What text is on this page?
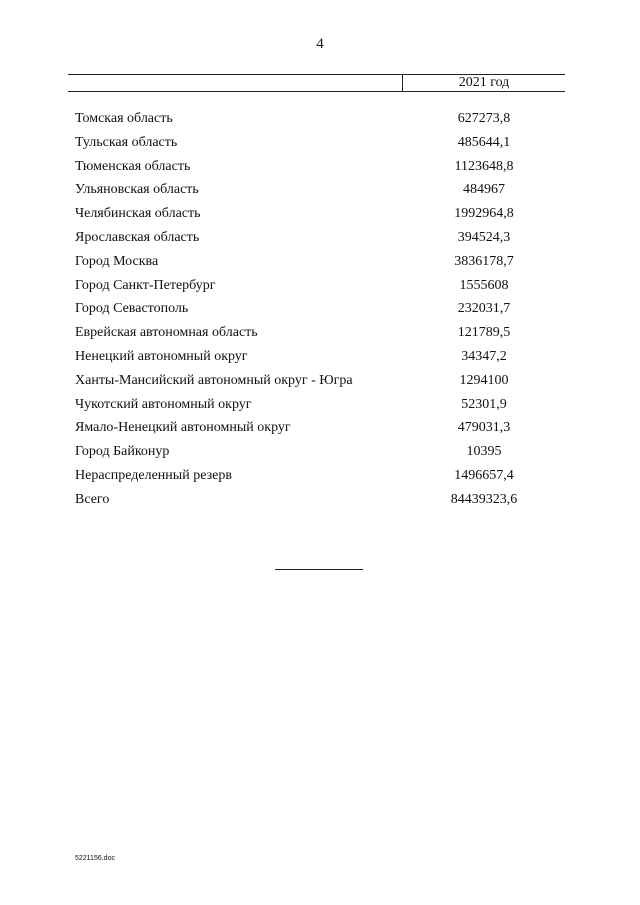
4
2021 год
Томская область	627273,8
Тульская область	485644,1
Тюменская область	1123648,8
Ульяновская область	484967
Челябинская область	1992964,8
Ярославская область	394524,3
Город Москва	3836178,7
Город Санкт-Петербург	1555608
Город Севастополь	232031,7
Еврейская автономная область	121789,5
Ненецкий автономный округ	34347,2
Ханты-Мансийский автономный округ - Югра	1294100
Чукотский автономный округ	52301,9
Ямало-Ненецкий автономный округ	479031,3
Город Байконур	10395
Нераспределенный резерв	1496657,4
Всего	84439323,6
5221156.doc
